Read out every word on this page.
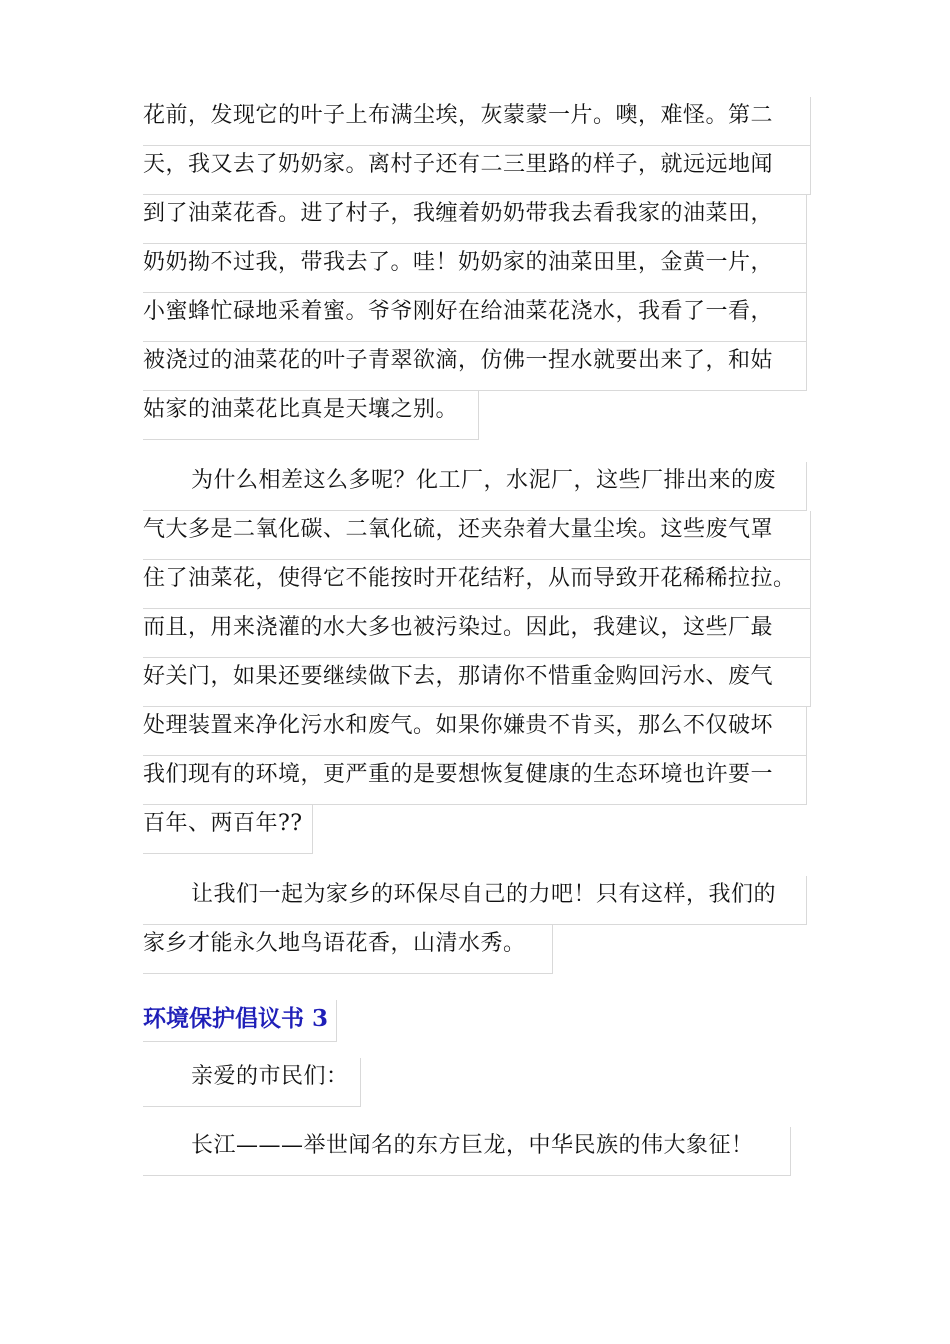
花前，发现它的叶子上布满尘埃，灰蒙蒙一片。噢，难怪。第二
天，我又去了奶奶家。离村子还有二三里路的样子，就远远地闻
到了油菜花香。进了村子，我缠着奶奶带我去看我家的油菜田，
奶奶拗不过我，带我去了。哇！奶奶家的油菜田里，金黄一片，
小蜜蜂忙碌地采着蜜。爷爷刚好在给油菜花浇水，我看了一看，
被浇过的油菜花的叶子青翠欲滴，仿佛一捏水就要出来了，和姑
姑家的油菜花比真是天壤之别。
为什么相差这么多呢？化工厂，水泥厂，这些厂排出来的废
气大多是二氧化碳、二氧化硫，还夹杂着大量尘埃。这些废气罩
住了油菜花，使得它不能按时开花结籽，从而导致开花稀稀拉拉。
而且，用来浇灌的水大多也被污染过。因此，我建议，这些厂最
好关门，如果还要继续做下去，那请你不惜重金购回污水、废气
处理装置来净化污水和废气。如果你嫌贵不肯买，那么不仅破坏
我们现有的环境，更严重的是要想恢复健康的生态环境也许要一
百年、两百年??
让我们一起为家乡的环保尽自己的力吧！只有这样，我们的
家乡才能永久地鸟语花香，山清水秀。
环境保护倡议书 3
亲爱的市民们：
长江———举世闻名的东方巨龙，中华民族的伟大象征！
